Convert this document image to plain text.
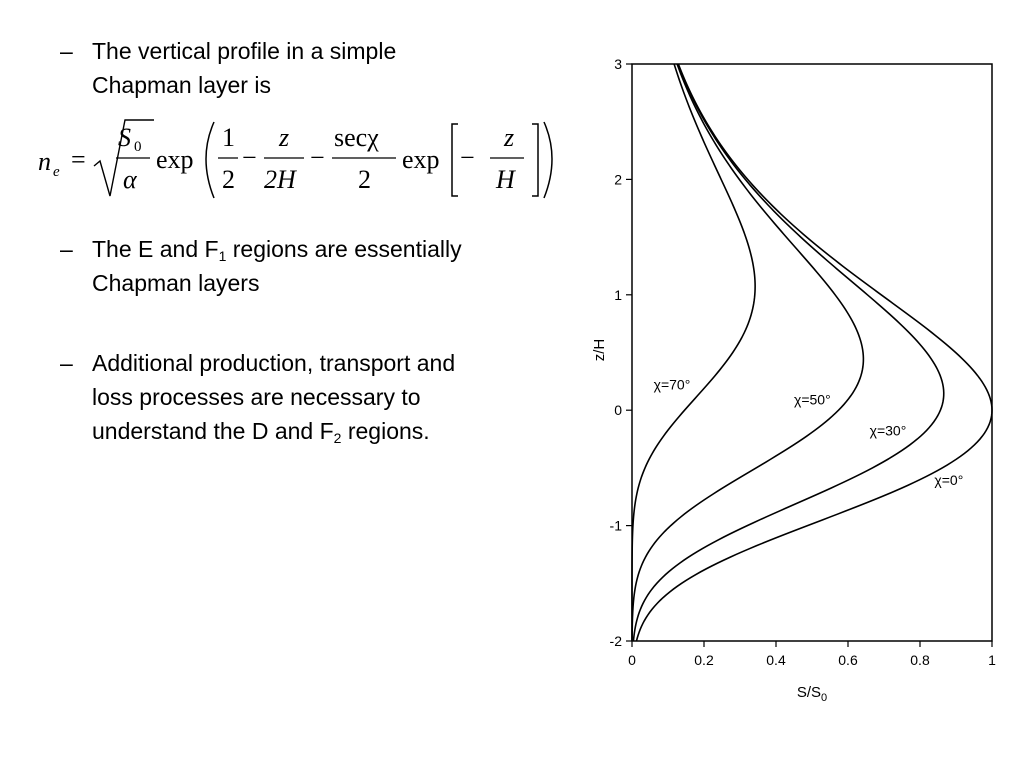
– The vertical profile in a simple Chapman layer is
– The E and $F_1$ regions are essentially Chapman layers
– Additional production, transport and loss processes are necessary to understand the D and $F_2$ regions.
n e =
S 0
α
exp
1
2
−
z
2H
−
secχ
2
exp −
z
H
-2
-1
0
1
2
3
0	0.2	0.4	0.6	0.8	1
χ=0°
χ=30°
χ=50°
χ=70°
z/H
$S/S_0$
